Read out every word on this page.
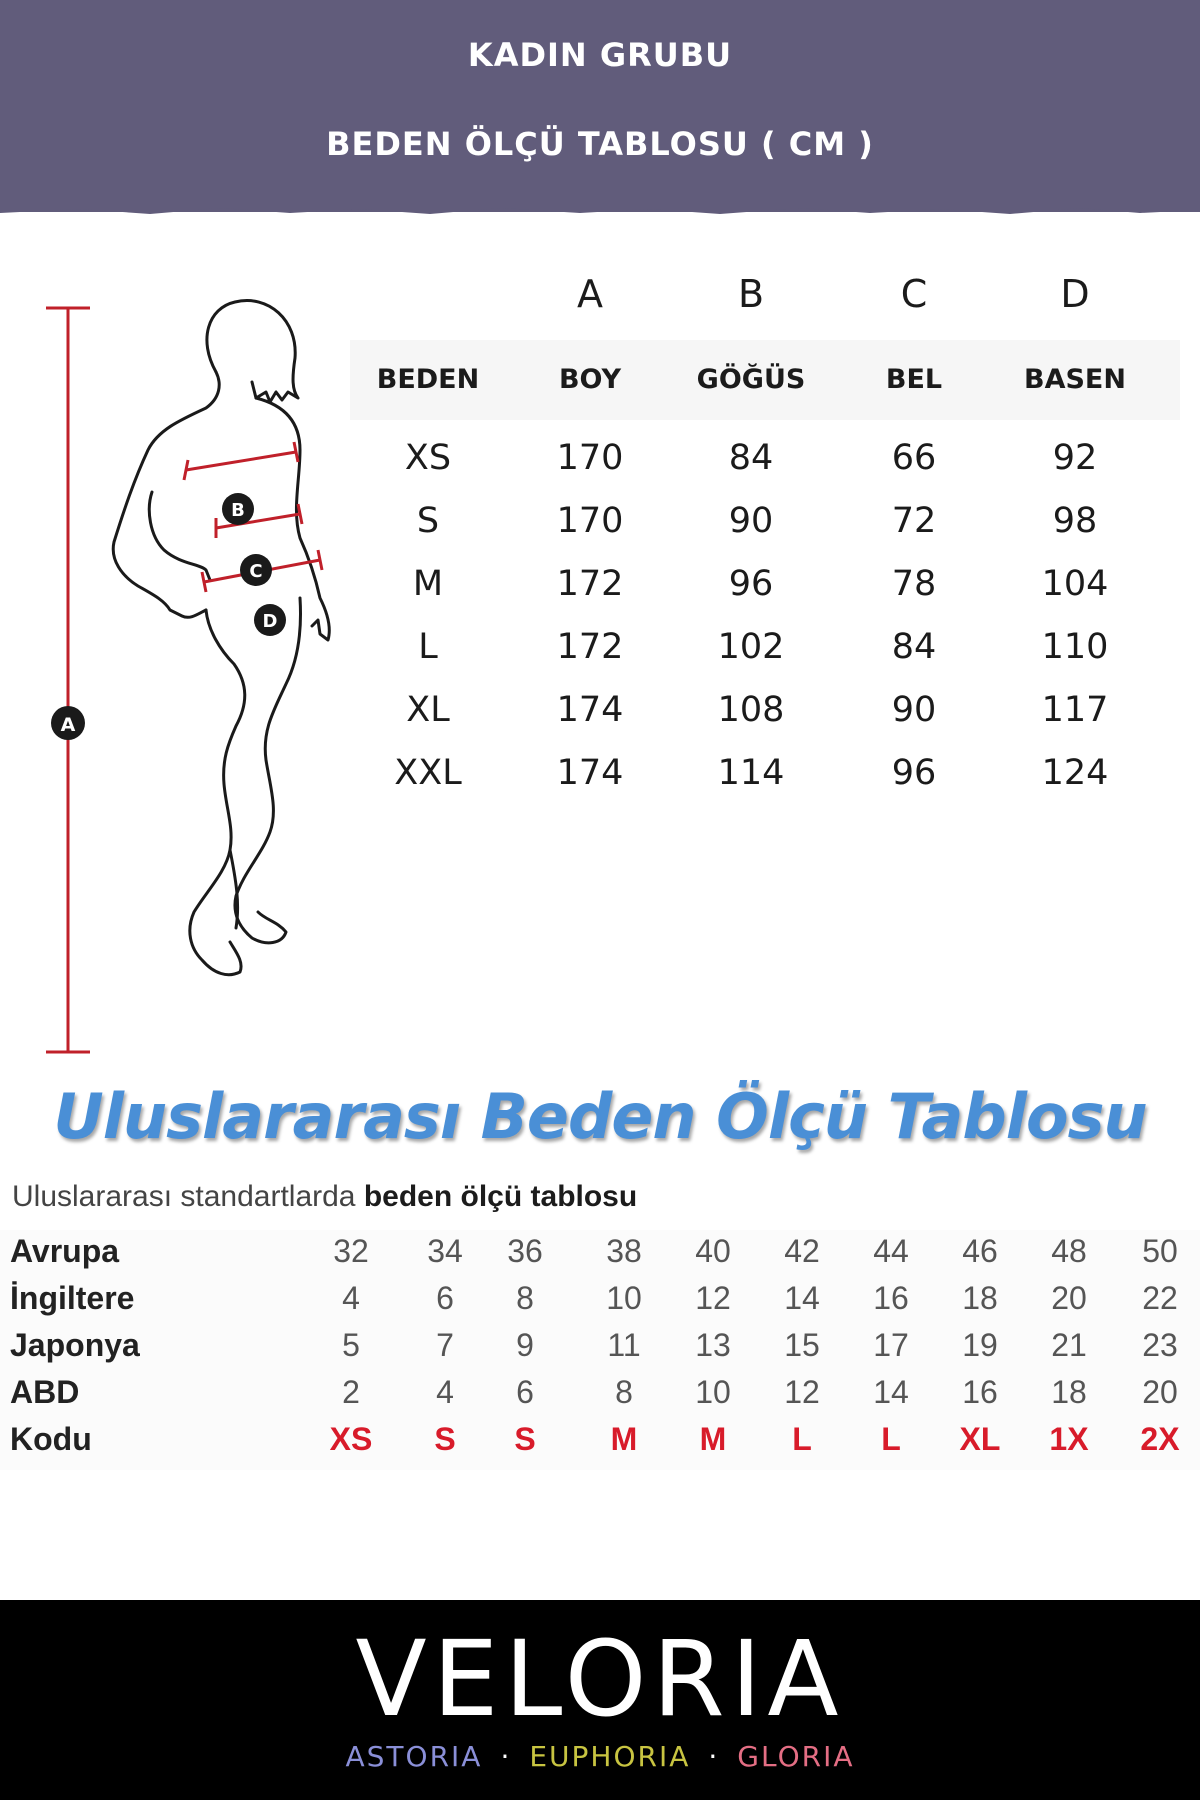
KADIN GRUBU
BEDEN ÖLÇÜ TABLOSU ( CM )
A
B
C
D
A	B	C	D
BEDEN	BOY	GÖĞÜS	BEL	BASEN
XS	170	84	66	92
S	170	90	72	98
M	172	96	78	104
L	172	102	84	110
XL	174	108	90	117
XXL	174	114	96	124
Uluslararası Beden Ölçü Tablosu
Uluslararası standartlarda beden ölçü tablosu
Avrupa	32	34	36	38	40	42	44	46	48	50
İngiltere	4	6	8	10	12	14	16	18	20	22
Japonya	5	7	9	11	13	15	17	19	21	23
ABD	2	4	6	8	10	12	14	16	18	20
Kodu	XS	S	S	M	M	L	L	XL	1X	2X
VELORIA
ASTORIA · EUPHORIA · GLORIA
